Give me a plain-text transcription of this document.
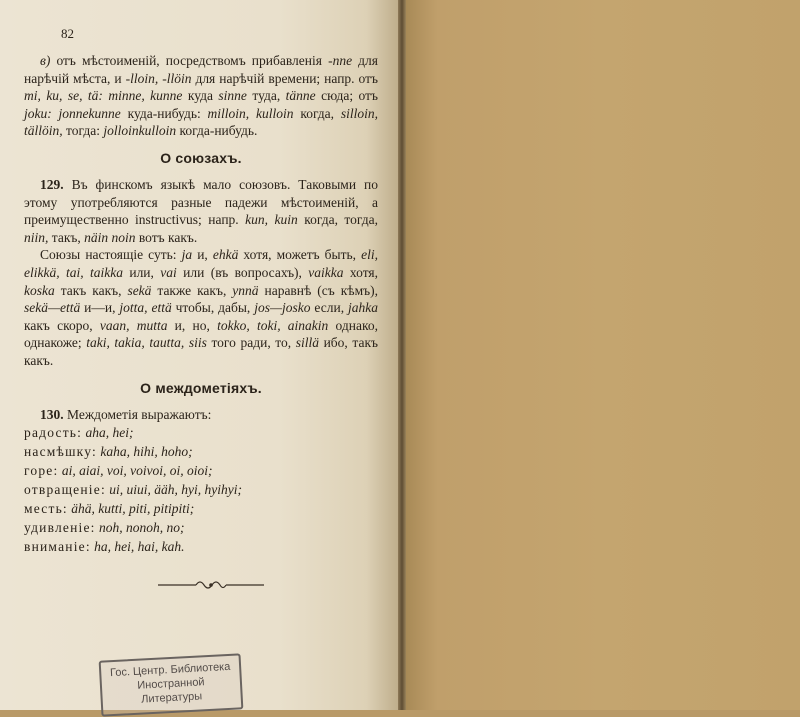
82

в) отъ мѣстоименій, посредствомъ прибавленія -nne для нарѣчій мѣста, и -lloin, -llöin для нарѣчій времени; напр. отъ mi, ku, se, tä: minne, kunne куда sinne туда, tänne сюда; отъ joku: jonnekunne куда-нибудь: milloin, kulloin когда, silloin, tällöin, тогда: jolloinkulloin когда-нибудь.

О союзахъ.

129. Въ финскомъ языкѣ мало союзовъ. Таковыми по этому употребляются разные падежи мѣстоименій, а преимущественно instructivus; напр. kun, kuin когда, тогда, niin, такъ, näin noin вотъ какъ.

Союзы настоящіе суть: ja и, ehkä хотя, можетъ быть, eli, elikkä, tai, taikka или, vai или (въ вопросахъ), vaikka хотя, koska такъ какъ, sekä также какъ, ynnä наравнѣ (съ кѣмъ), sekä—että и—и, jotta, että чтобы, дабы, jos—josko если, jahka какъ скоро, vaan, mutta и, но, tokko, toki, ainakin однако, однакоже; taki, takia, tautta, siis того ради, то, sillä ибо, такъ какъ.

О междометіяхъ.

130. Междометія выражаютъ:

радость: aha, hei;
насмѣшку: kaha, hihi, hoho;
горе: ai, aiai, voi, voivoi, oi, oioi;
отвращеніе: ui, uiui, ääh, hyi, hyihyi;
месть: ähä, kutti, piti, pitipiti;
удивленіе: noh, nonoh, no;
вниманіе: ha, hei, hai, kah.
Гос. Центр. Библиотека
Иностранной
Литературы
